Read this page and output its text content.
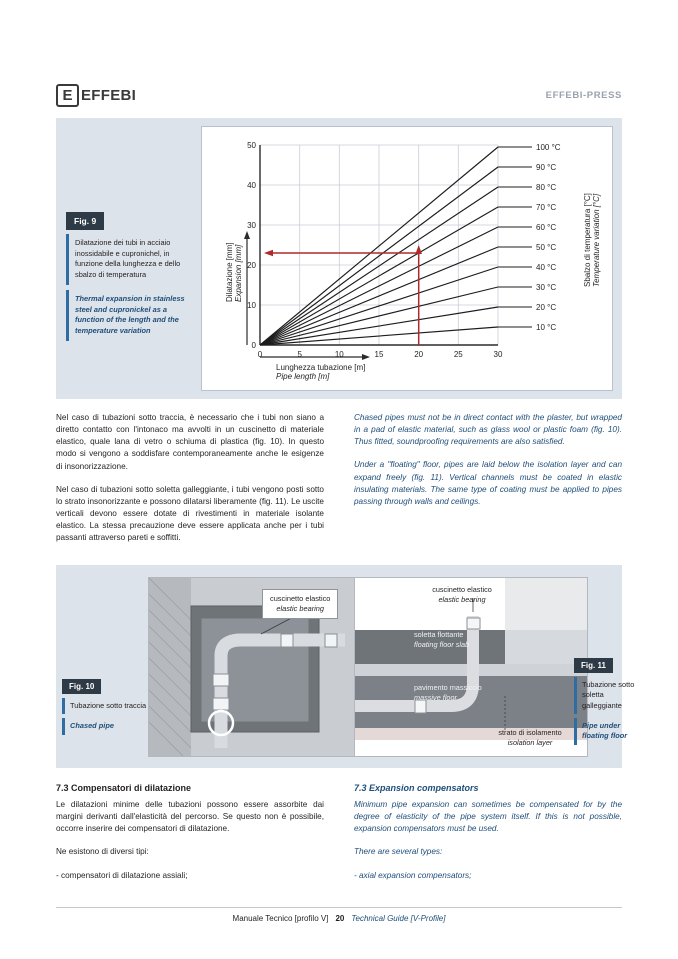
E EFFEBI	EFFEBI-PRESS
Fig. 9
Dilatazione dei tubi in acciaio inossidabile e cupronichel, in funzione della lunghezza e dello sbalzo di temperatura
Thermal expansion in stainless steel and cupronickel as a function of the length and the temperature variation
50
40
30
20
10
0
0	5	10	15	20	25	30
100 °C
90 °C
80 °C
70 °C
60 °C
50 °C
40 °C
30 °C
20 °C
10 °C
Lunghezza tubazione [m]
Pipe length [m]
Dilatazione [mm] Expansion [mm]	Sbalzo di temperatura [°C] Temperature variation [°C]

Nel caso di tubazioni sotto traccia, è necessario che i tubi non siano a diretto contatto con l'intonaco ma avvolti in un cuscinetto di materiale elastico, quale lana di vetro o schiuma di plastica (fig. 10). In questo modo si vengono a soddisfare contemporaneamente anche le esigenze di insonorizzazione.

Nel caso di tubazioni sotto soletta galleggiante, i tubi vengono posti sotto lo strato insonorizzante e possono dilatarsi liberamente (fig. 11). Le uscite verticali devono essere dotate di rivestimenti in materiale isolante elastico. La stessa precauzione deve essere applicata anche per i tubi passanti attraverso pareti e soffitti.

Chased pipes must not be in direct contact with the plaster, but wrapped in a pad of elastic material, such as glass wool or plastic foam (fig. 10). Thus fitted, soundproofing requirements are also satisfied.

Under a "floating" floor, pipes are laid below the isolation layer and can expand freely (fig. 11). Vertical channels must be coated in elastic insulating materials. The same type of coating must be applied to pipes passing through walls and ceilings.

cuscinetto elastico
elastic bearing
Fig. 10
Tubazione sotto traccia
Chased pipe
cuscinetto elastico
elastic bearing
soletta flottante
floating floor slab
pavimento massiccio
massive floor
strato di isolamento
isolation layer
Fig. 11
Tubazione sotto soletta galleggiante
Pipe under floating floor
7.3 Compensatori di dilatazione

Le dilatazioni minime delle tubazioni possono essere assorbite dai margini derivanti dall'elasticità del percorso. Se questo non è possibile, occorre inserire dei compensatori di dilatazione.

Ne esistono di diversi tipi:

- compensatori di dilatazione assiali;

7.3 Expansion compensators

Minimum pipe expansion can sometimes be compensated for by the degree of elasticity of the pipe system itself. If this is not possible, expansion compensators must be used.

There are several types:

- axial expansion compensators;

Manuale Tecnico [profilo V] 20 Technical Guide [V-Profile]
